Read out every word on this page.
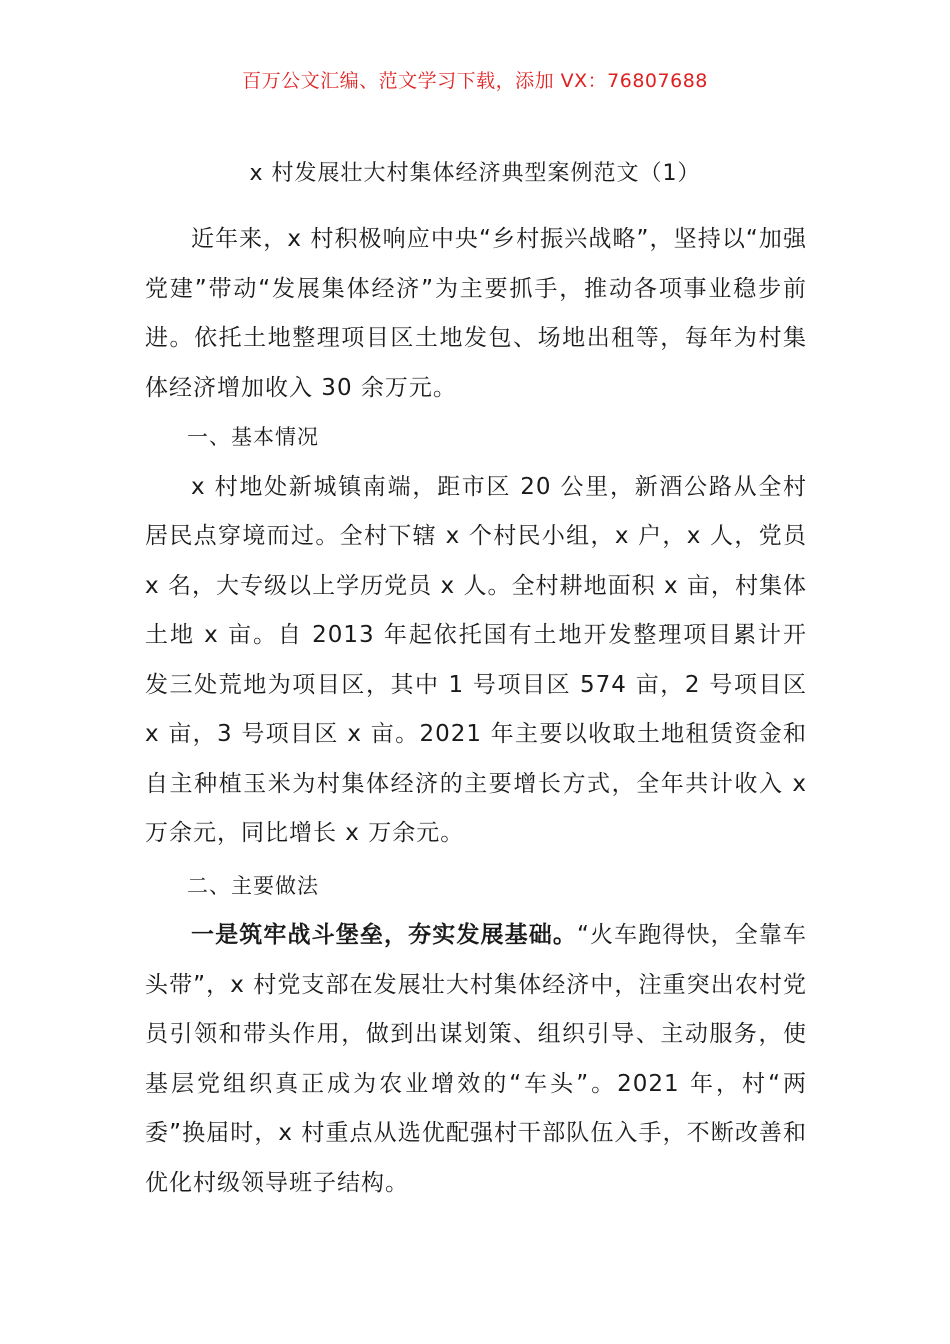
百万公文汇编、范文学习下载，添加 VX：76807688
x 村发展壮大村集体经济典型案例范文（1）

近年来，x 村积极响应中央“乡村振兴战略”，坚持以“加强党建”带动“发展集体经济”为主要抓手，推动各项事业稳步前进。依托土地整理项目区土地发包、场地出租等，每年为村集体经济增加收入 30 余万元。

一、基本情况

x 村地处新城镇南端，距市区 20 公里，新酒公路从全村居民点穿境而过。全村下辖 x 个村民小组，x 户，x 人，党员 x 名，大专级以上学历党员 x 人。全村耕地面积 x 亩，村集体土地 x 亩。自 2013 年起依托国有土地开发整理项目累计开发三处荒地为项目区，其中 1 号项目区 574 亩，2 号项目区 x 亩，3 号项目区 x 亩。2021 年主要以收取土地租赁资金和自主种植玉米为村集体经济的主要增长方式，全年共计收入 x 万余元，同比增长 x 万余元。

二、主要做法

一是筑牢战斗堡垒，夯实发展基础。“火车跑得快，全靠车头带”，x 村党支部在发展壮大村集体经济中，注重突出农村党员引领和带头作用，做到出谋划策、组织引导、主动服务，使基层党组织真正成为农业增效的“车头”。2021 年，村“两委”换届时，x 村重点从选优配强村干部队伍入手，不断改善和优化村级领导班子结构。
